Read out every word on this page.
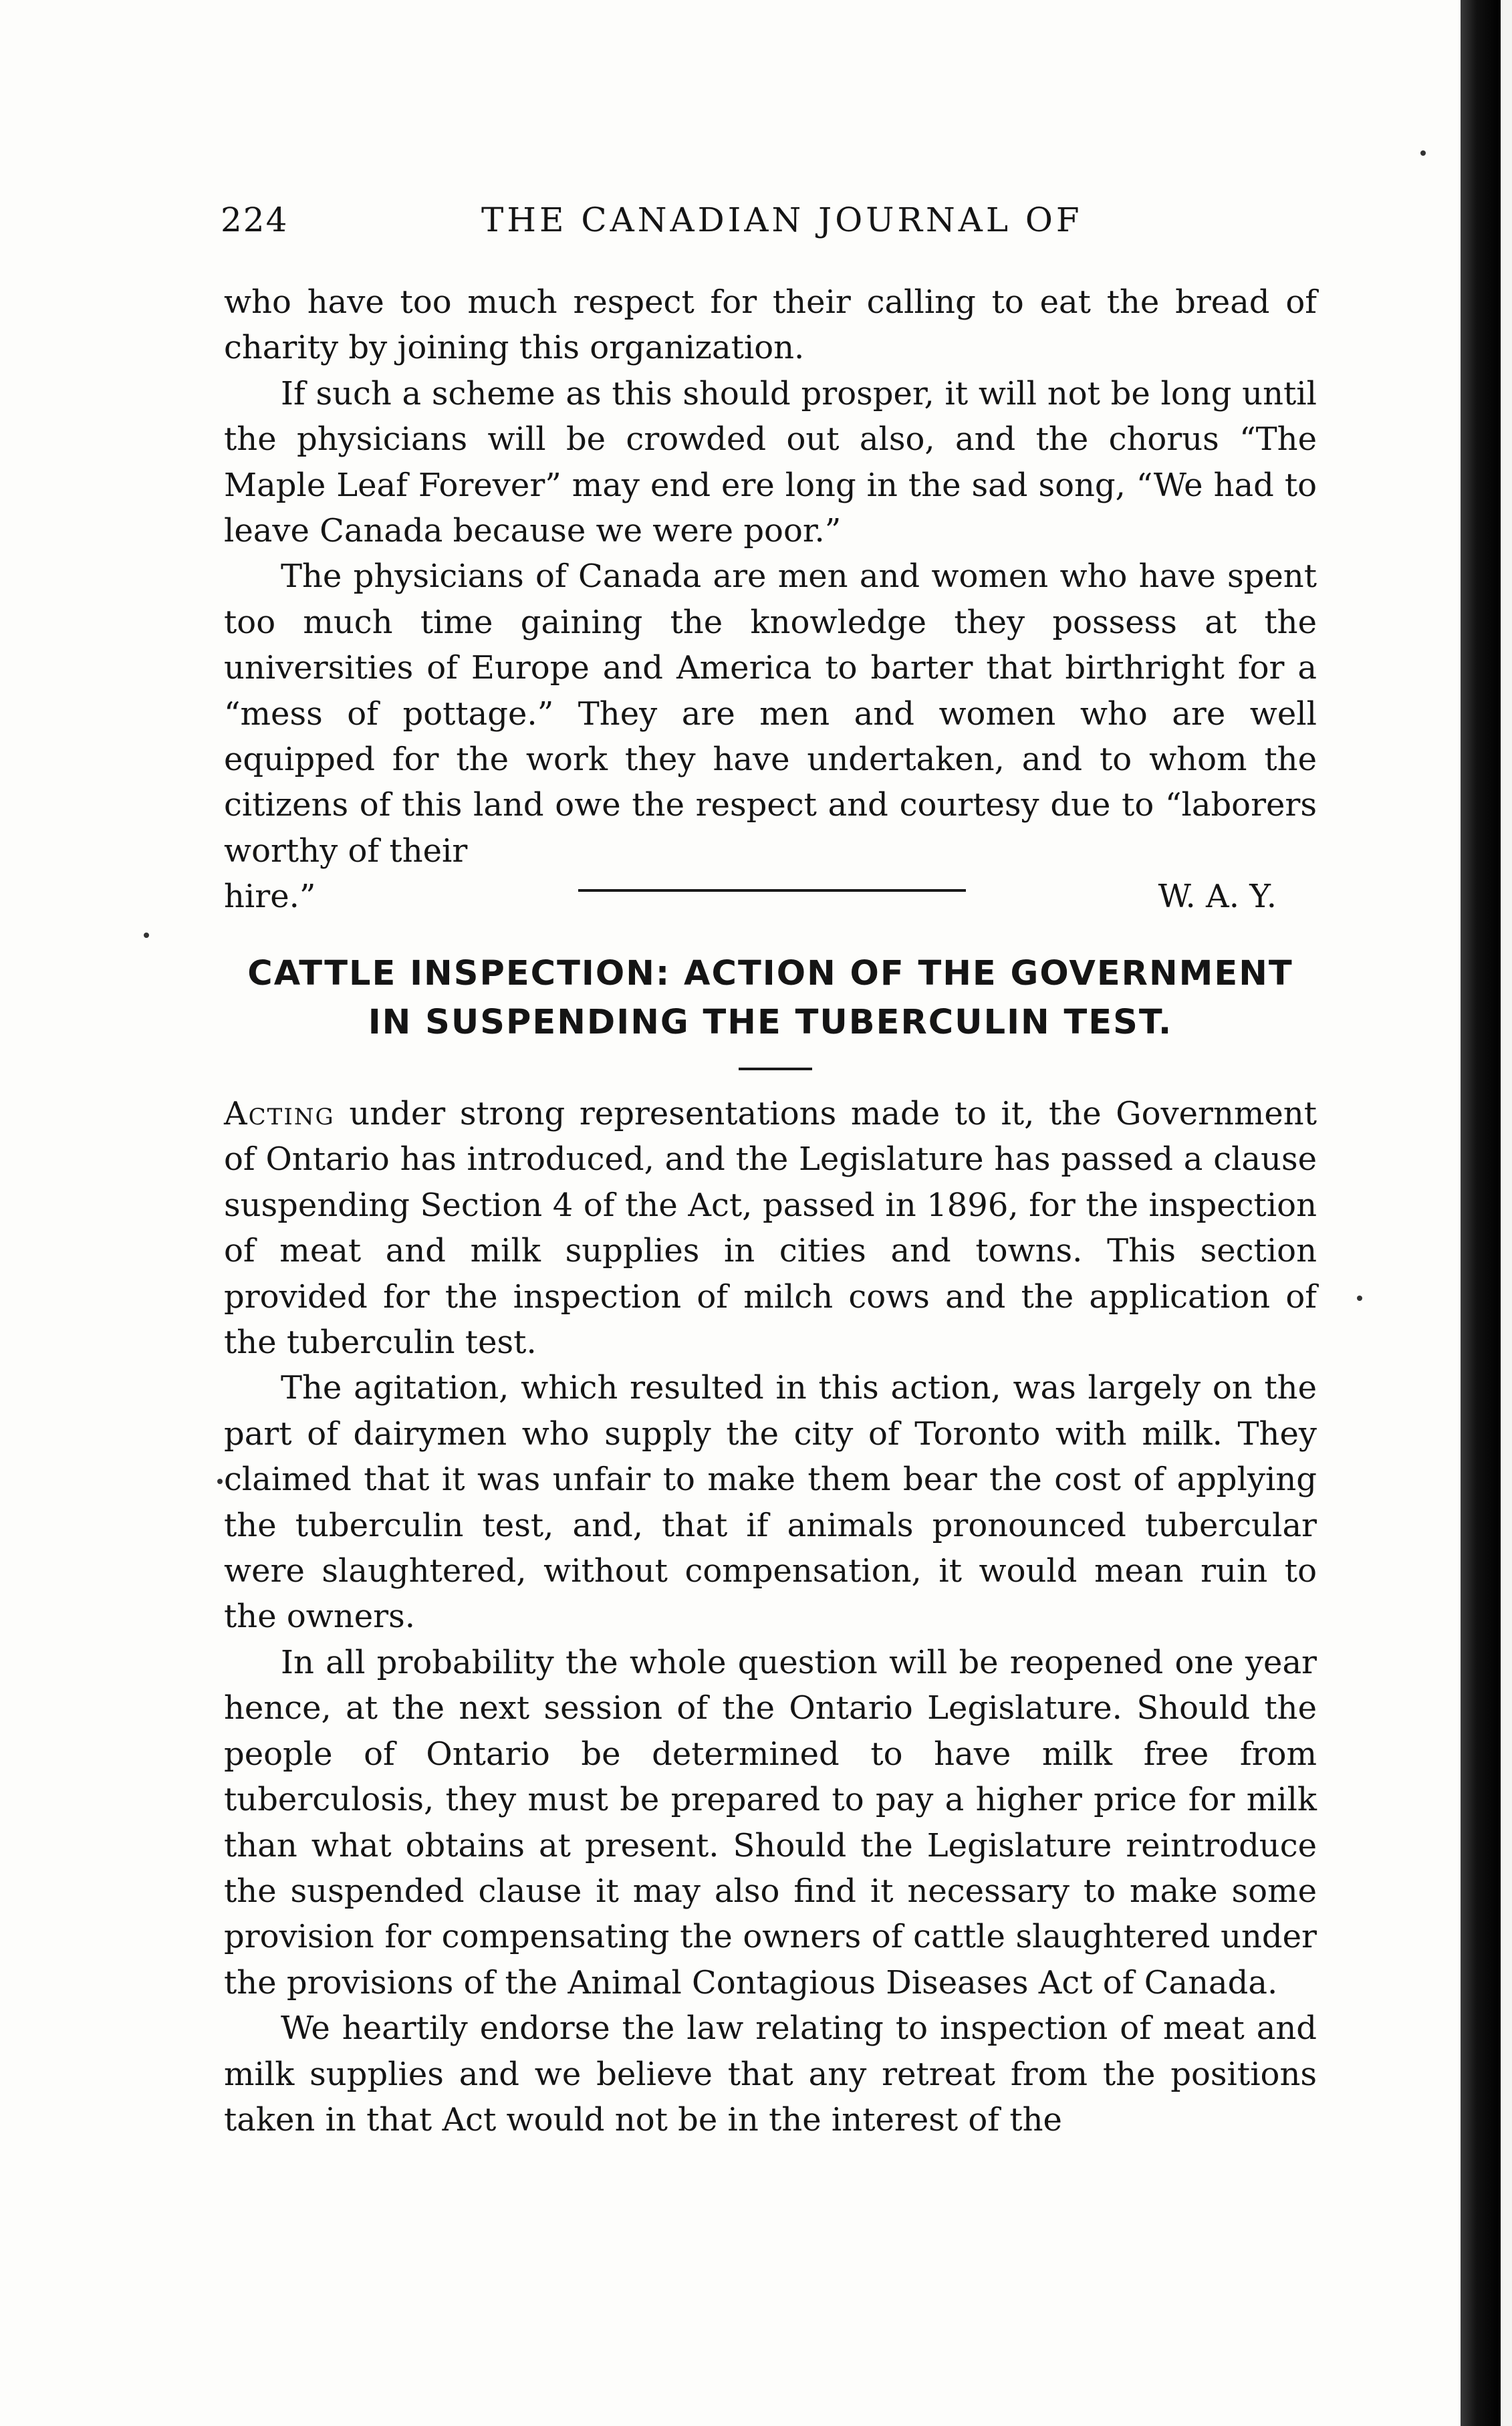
224	THE CANADIAN JOURNAL OF

who have too much respect for their calling to eat the bread of charity by joining this organization.

If such a scheme as this should prosper, it will not be long until the physicians will be crowded out also, and the chorus “The Maple Leaf Forever” may end ere long in the sad song, “We had to leave Canada because we were poor.”

The physicians of Canada are men and women who have spent too much time gaining the knowledge they possess at the universities of Europe and America to barter that birthright for a “mess of pottage.” They are men and women who are well equipped for the work they have undertaken, and to whom the citizens of this land owe the respect and courtesy due to “laborers worthy of their

hire.”	W. A. Y.
CATTLE INSPECTION: ACTION OF THE GOVERNMENT
IN SUSPENDING THE TUBERCULIN TEST.

Acting under strong representations made to it, the Government of Ontario has introduced, and the Legislature has passed a clause suspending Section 4 of the Act, passed in 1896, for the inspection of meat and milk supplies in cities and towns. This section provided for the inspection of milch cows and the application of the tuberculin test.

The agitation, which resulted in this action, was largely on the part of dairymen who supply the city of Toronto with milk. They claimed that it was unfair to make them bear the cost of applying the tuberculin test, and, that if animals pronounced tubercular were slaughtered, without compensation, it would mean ruin to the owners.

In all probability the whole question will be reopened one year hence, at the next session of the Ontario Legislature. Should the people of Ontario be determined to have milk free from tuberculosis, they must be prepared to pay a higher price for milk than what obtains at present. Should the Legislature reintroduce the suspended clause it may also find it necessary to make some provision for compensating the owners of cattle slaughtered under the provisions of the Animal Contagious Diseases Act of Canada.

We heartily endorse the law relating to inspection of meat and milk supplies and we believe that any retreat from the positions taken in that Act would not be in the interest of the
